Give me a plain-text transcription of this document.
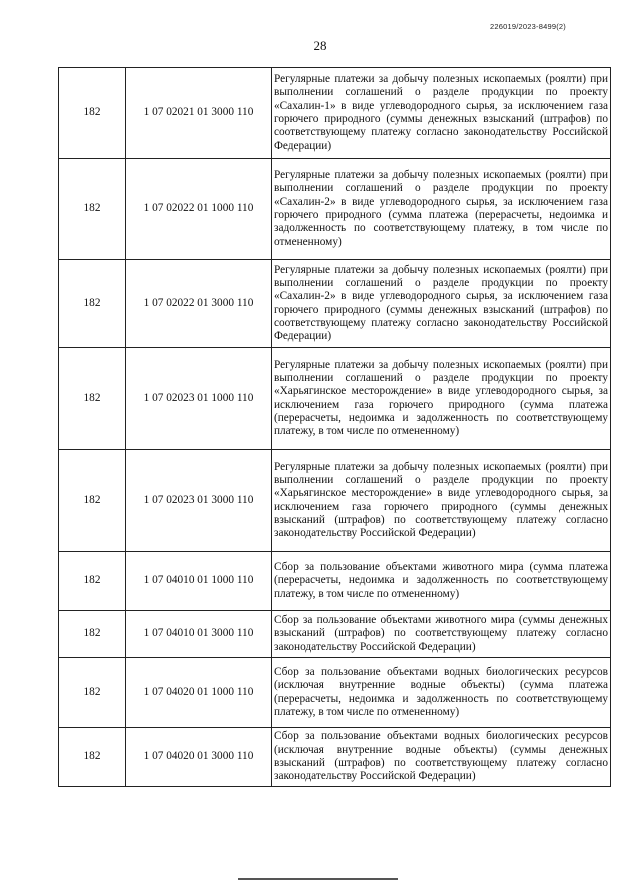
226019/2023-8499(2)
28
182	1 07 02021 01 3000 110	Регулярные платежи за добычу полезных ископаемых (роялти) при выполнении соглашений о разделе продукции по проекту «Сахалин-1» в виде углеводородного сырья, за исключением газа горючего природного (суммы денежных взысканий (штрафов) по соответствующему платежу согласно законодательству Российской Федерации)
182	1 07 02022 01 1000 110	Регулярные платежи за добычу полезных ископаемых (роялти) при выполнении соглашений о разделе продукции по проекту «Сахалин-2» в виде углеводородного сырья, за исключением газа горючего природного (сумма платежа (перерасчеты, недоимка и задолженность по соответствующему платежу, в том числе по отмененному)
182	1 07 02022 01 3000 110	Регулярные платежи за добычу полезных ископаемых (роялти) при выполнении соглашений о разделе продукции по проекту «Сахалин-2» в виде углеводородного сырья, за исключением газа горючего природного (суммы денежных взысканий (штрафов) по соответствующему платежу согласно законодательству Российской Федерации)
182	1 07 02023 01 1000 110	Регулярные платежи за добычу полезных ископаемых (роялти) при выполнении соглашений о разделе продукции по проекту «Харьягинское месторождение» в виде углеводородного сырья, за исключением газа горючего природного (сумма платежа (перерасчеты, недоимка и задолженность по соответствующему платежу, в том числе по отмененному)
182	1 07 02023 01 3000 110	Регулярные платежи за добычу полезных ископаемых (роялти) при выполнении соглашений о разделе продукции по проекту «Харьягинское месторождение» в виде углеводородного сырья, за исключением газа горючего природного (суммы денежных взысканий (штрафов) по соответствующему платежу согласно законодательству Российской Федерации)
182	1 07 04010 01 1000 110	Сбор за пользование объектами животного мира (сумма платежа (перерасчеты, недоимка и задолженность по соответствующему платежу, в том числе по отмененному)
182	1 07 04010 01 3000 110	Сбор за пользование объектами животного мира (суммы денежных взысканий (штрафов) по соответствующему платежу согласно законодательству Российской Федерации)
182	1 07 04020 01 1000 110	Сбор за пользование объектами водных биологических ресурсов (исключая внутренние водные объекты) (сумма платежа (перерасчеты, недоимка и задолженность по соответствующему платежу, в том числе по отмененному)
182	1 07 04020 01 3000 110	Сбор за пользование объектами водных биологических ресурсов (исключая внутренние водные объекты) (суммы денежных взысканий (штрафов) по соответствующему платежу согласно законодательству Российской Федерации)
